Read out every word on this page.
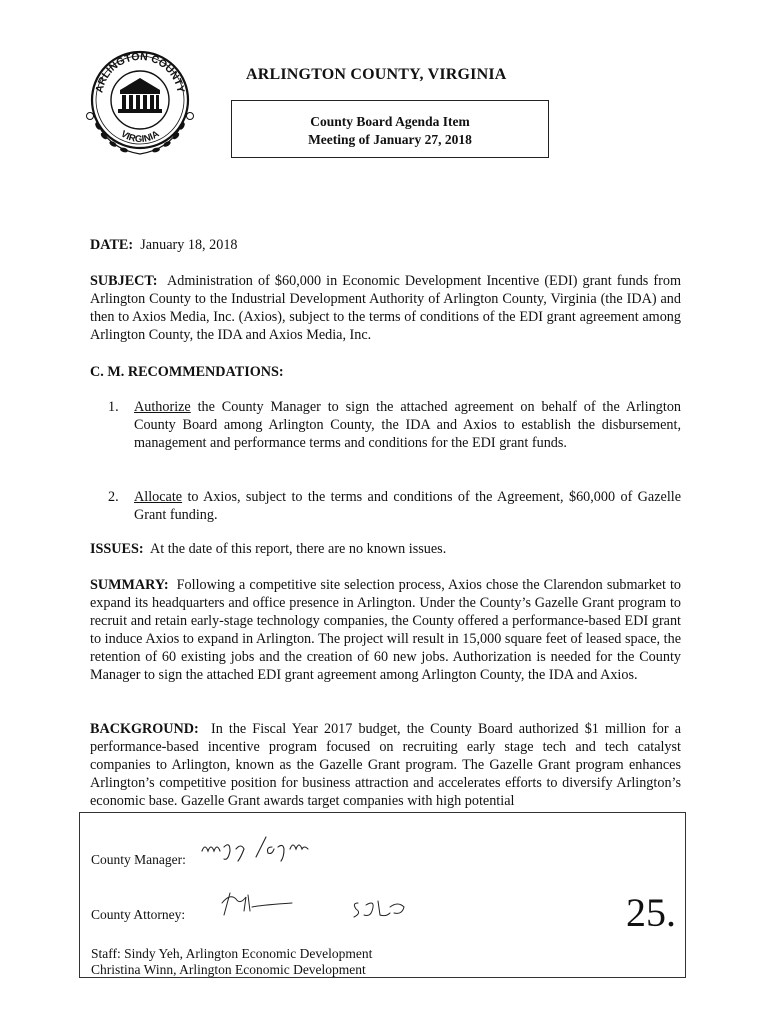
ARLINGTON COUNTY
VIRGINIA
ARLINGTON COUNTY, VIRGINIA
County Board Agenda Item
Meeting of January 27, 2018
DATE: January 18, 2018
SUBJECT: Administration of $60,000 in Economic Development Incentive (EDI) grant funds from Arlington County to the Industrial Development Authority of Arlington County, Virginia (the IDA) and then to Axios Media, Inc. (Axios), subject to the terms of conditions of the EDI grant agreement among Arlington County, the IDA and Axios Media, Inc.
C. M. RECOMMENDATIONS:
1. Authorize the County Manager to sign the attached agreement on behalf of the Arlington County Board among Arlington County, the IDA and Axios to establish the disbursement, management and performance terms and conditions for the EDI grant funds.
2. Allocate to Axios, subject to the terms and conditions of the Agreement, $60,000 of Gazelle Grant funding.
ISSUES: At the date of this report, there are no known issues.
SUMMARY: Following a competitive site selection process, Axios chose the Clarendon submarket to expand its headquarters and office presence in Arlington. Under the County’s Gazelle Grant program to recruit and retain early-stage technology companies, the County offered a performance-based EDI grant to induce Axios to expand in Arlington. The project will result in 15,000 square feet of leased space, the retention of 60 existing jobs and the creation of 60 new jobs. Authorization is needed for the County Manager to sign the attached EDI grant agreement among Arlington County, the IDA and Axios.
BACKGROUND: In the Fiscal Year 2017 budget, the County Board authorized $1 million for a performance-based incentive program focused on recruiting early stage tech and tech catalyst companies to Arlington, known as the Gazelle Grant program. The Gazelle Grant program enhances Arlington’s competitive position for business attraction and accelerates efforts to diversify Arlington’s economic base. Gazelle Grant awards target companies with high potential
County Manager:
County Attorney:	25.
Staff: Sindy Yeh, Arlington Economic Development
Christina Winn, Arlington Economic Development
